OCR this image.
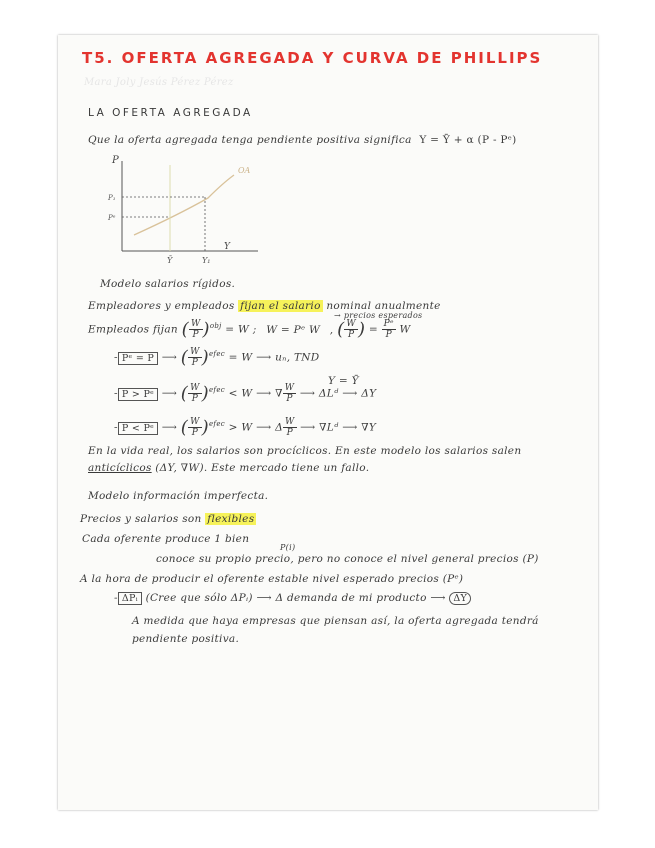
T5. OFERTA AGREGADA Y CURVA DE PHILLIPS
Mara Joly Jesús Pérez Pérez
LA OFERTA AGREGADA
Que la oferta agregada tenga pendiente positiva significa Y = Ȳ + α (P - Pᵉ)
P
Y
OA
P₁
Pᵉ
Ȳ	Y₁
Modelo salarios rígidos.
Empleadores y empleados fijan el salario nominal anualmente
→ precios esperados
Empleados fijan ( $\frac{W}{P})^{obj} = W$ ; W = Pᵉ W , ( $\frac{W}{P}) = \frac{\text{Pᵉ}}{P}$ W
- Pᵉ = P ⟶ ( $\frac{W}{P})^{efec} = W$ ⟶ uₙ, TND
Y = Ȳ
- P > Pᵉ ⟶ ( $\frac{W}{P})^{efec} < W$ ⟶ ∇ $\frac{W}{P}$ ⟶ ΔLᵈ ⟶ ΔY
- P < Pᵉ ⟶ ( $\frac{W}{P})^{efec} > W$ ⟶ Δ $\frac{W}{P}$ ⟶ ∇Lᵈ ⟶ ∇Y
En la vida real, los salarios son procíclicos. En este modelo los salarios salen
anticíclicos (ΔY, ∇W). Este mercado tiene un fallo.
Modelo información imperfecta.
Precios y salarios son flexibles
Cada oferente produce 1 bien
P(i)
conoce su propio precio, pero no conoce el nivel general precios (P)
A la hora de producir el oferente estable nivel esperado precios (Pᵉ)
- ΔPᵢ (Cree que sólo ΔPᵢ) ⟶ Δ demanda de mi producto ⟶ ΔY
A medida que haya empresas que piensan así, la oferta agregada tendrá
pendiente positiva.
